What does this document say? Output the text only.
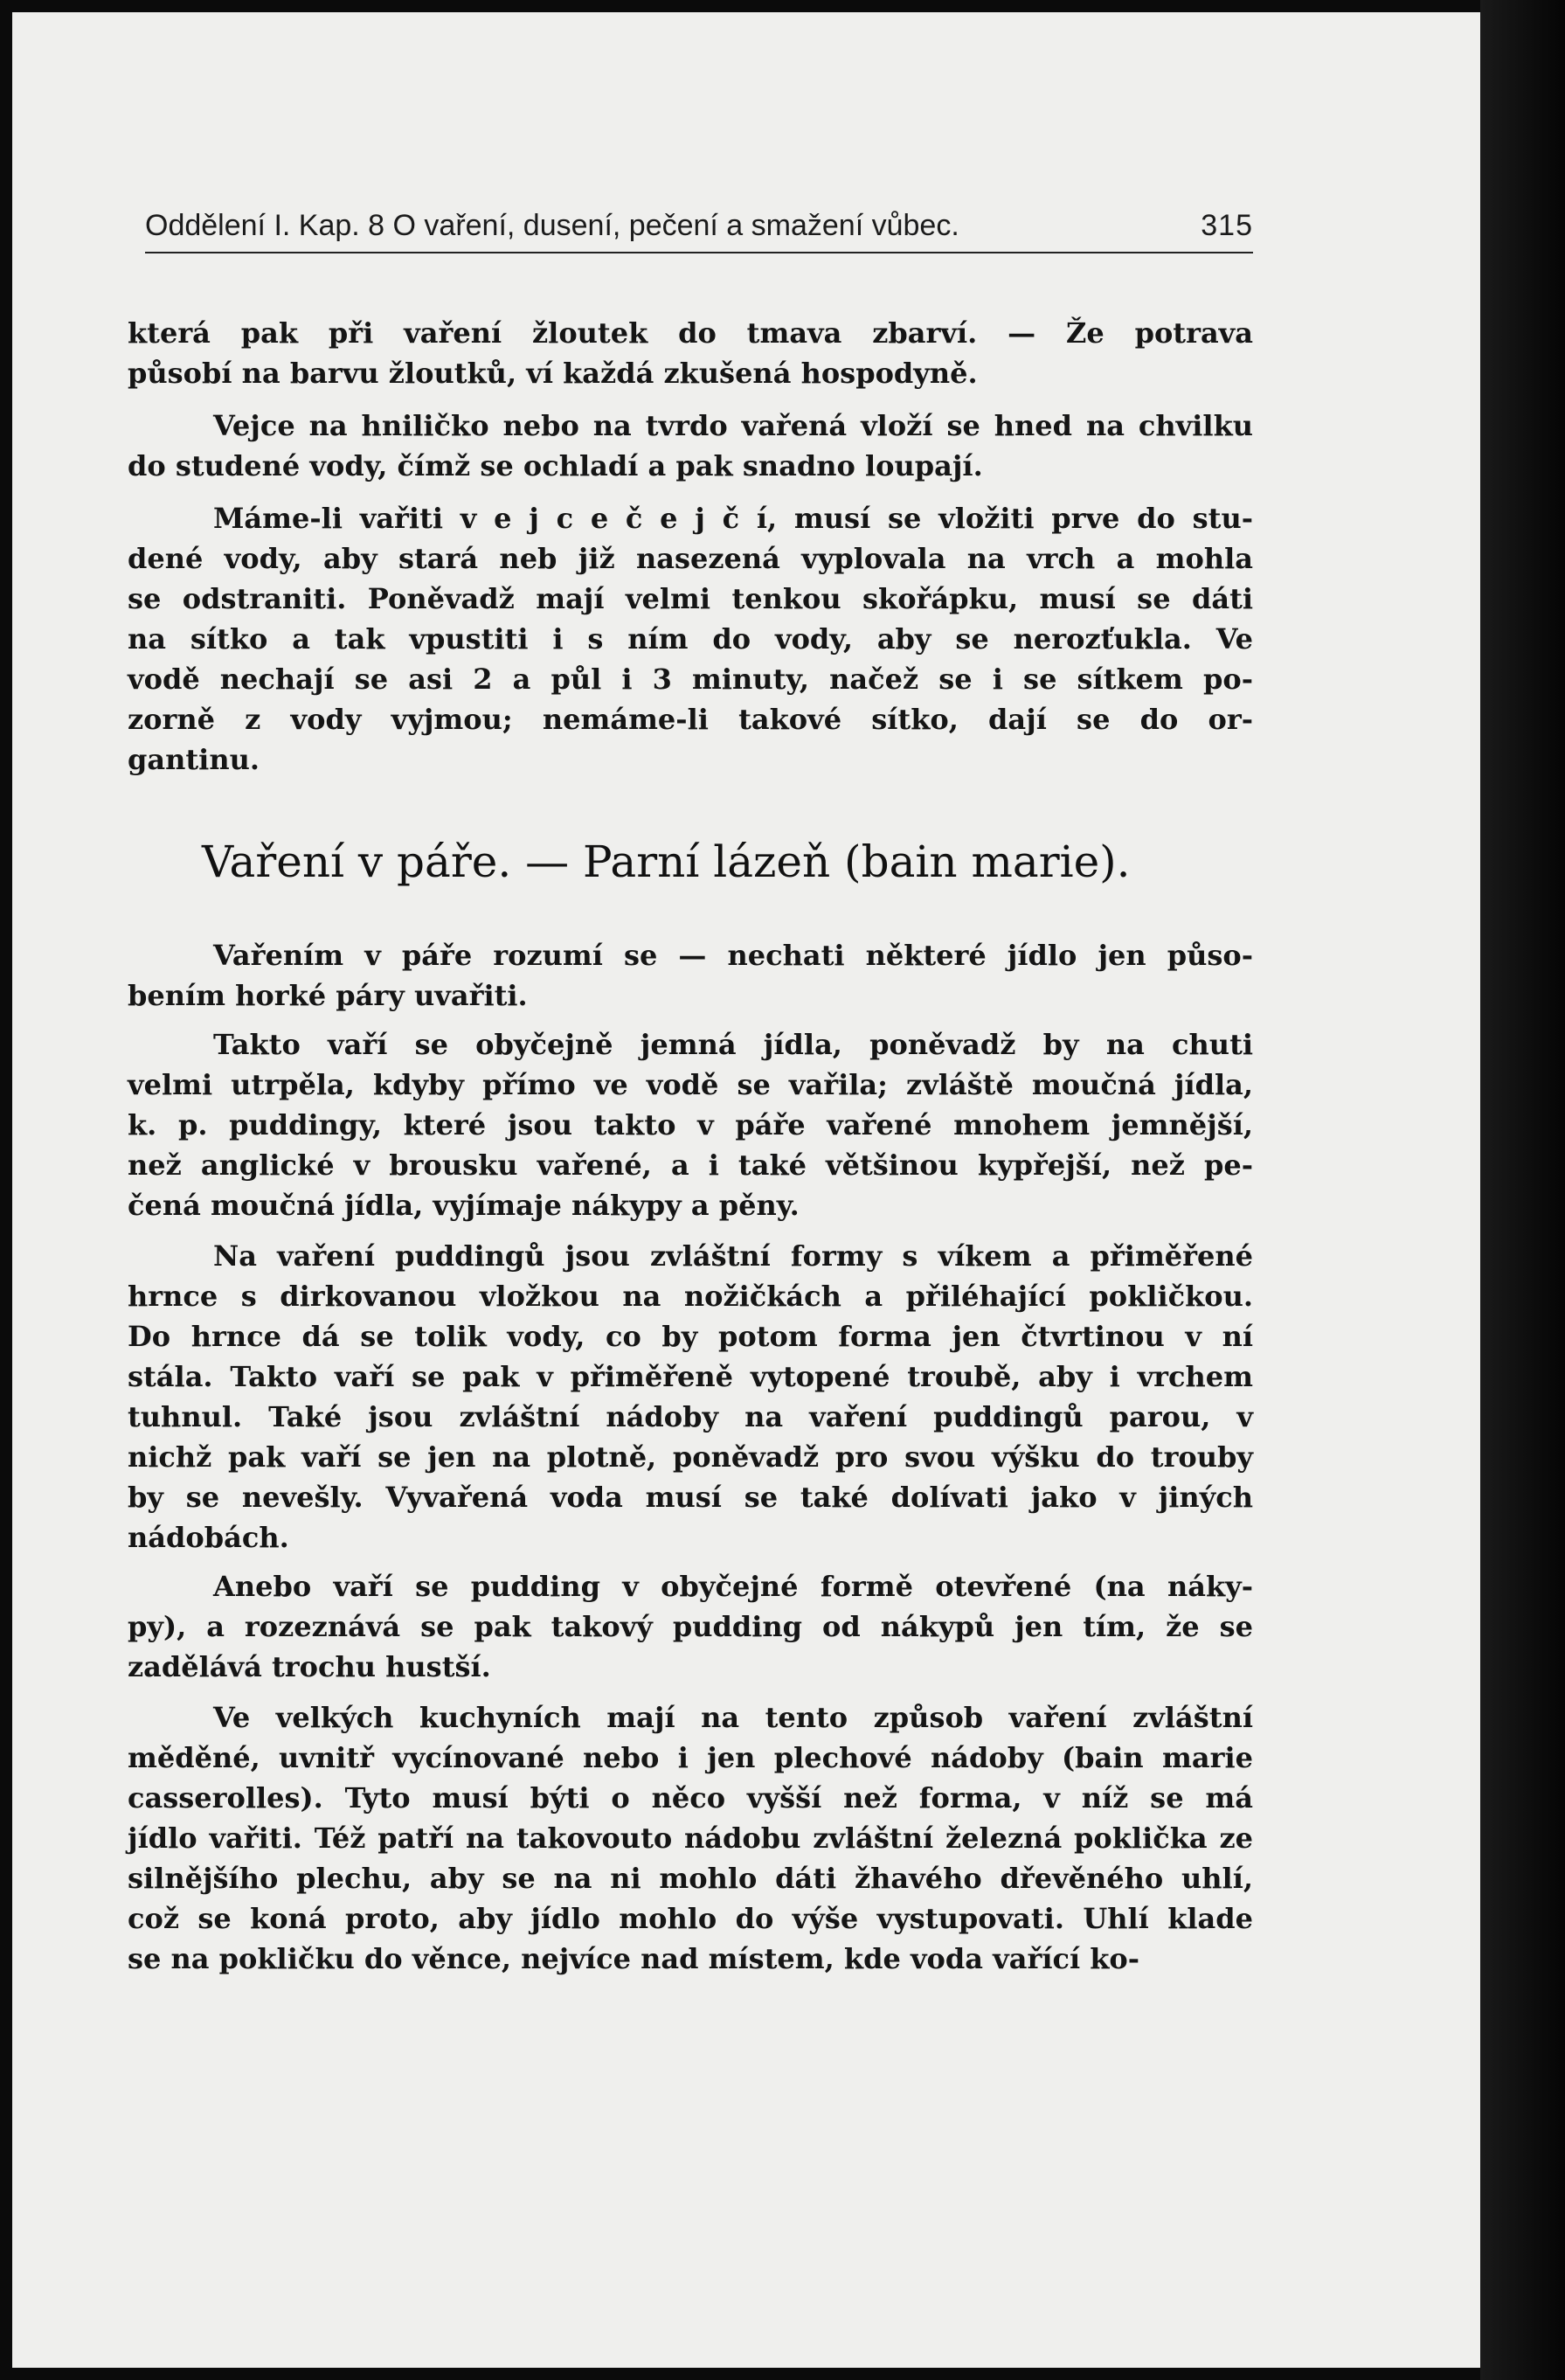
Oddělení I. Kap. 8 O vaření, dusení, pečení a smažení vůbec.	315
která pak při vaření žloutek do tmava zbarví. — Že potrava
působí na barvu žloutků, ví každá zkušená hospodyně.
Vejce na hniličko nebo na tvrdo vařená vloží se hned na chvilku
do studené vody, čímž se ochladí a pak snadno loupají.
Máme-li vařiti v e j c e č e j č í, musí se vložiti prve do stu-
dené vody, aby stará neb již nasezená vyplovala na vrch a mohla
se odstraniti. Poněvadž mají velmi tenkou skořápku, musí se dáti
na sítko a tak vpustiti i s ním do vody, aby se nerozťukla. Ve
vodě nechají se asi 2 a půl i 3 minuty, načež se i se sítkem po-
zorně z vody vyjmou; nemáme-li takové sítko, dají se do or-
gantinu.
Vaření v páře. — Parní lázeň (bain marie).
Vařením v páře rozumí se — nechati některé jídlo jen půso-
bením horké páry uvařiti.
Takto vaří se obyčejně jemná jídla, poněvadž by na chuti
velmi utrpěla, kdyby přímo ve vodě se vařila; zvláště moučná jídla,
k. p. puddingy, které jsou takto v páře vařené mnohem jemnější,
než anglické v brousku vařené, a i také většinou kypřejší, než pe-
čená moučná jídla, vyjímaje nákypy a pěny.
Na vaření puddingů jsou zvláštní formy s víkem a přiměřené
hrnce s dirkovanou vložkou na nožičkách a přiléhající pokličkou.
Do hrnce dá se tolik vody, co by potom forma jen čtvrtinou v ní
stála. Takto vaří se pak v přiměřeně vytopené troubě, aby i vrchem
tuhnul. Také jsou zvláštní nádoby na vaření puddingů parou, v
nichž pak vaří se jen na plotně, poněvadž pro svou výšku do trouby
by se nevešly. Vyvařená voda musí se také dolívati jako v jiných
nádobách.
Anebo vaří se pudding v obyčejné formě otevřené (na náky-
py), a rozeznává se pak takový pudding od nákypů jen tím, že se
zadělává trochu hustší.
Ve velkých kuchyních mají na tento způsob vaření zvláštní
měděné, uvnitř vycínované nebo i jen plechové nádoby (bain marie
casserolles). Tyto musí býti o něco vyšší než forma, v níž se má
jídlo vařiti. Též patří na takovouto nádobu zvláštní železná poklička ze
silnějšího plechu, aby se na ni mohlo dáti žhavého dřevěného uhlí,
což se koná proto, aby jídlo mohlo do výše vystupovati. Uhlí klade
se na pokličku do věnce, nejvíce nad místem, kde voda vařící ko-
